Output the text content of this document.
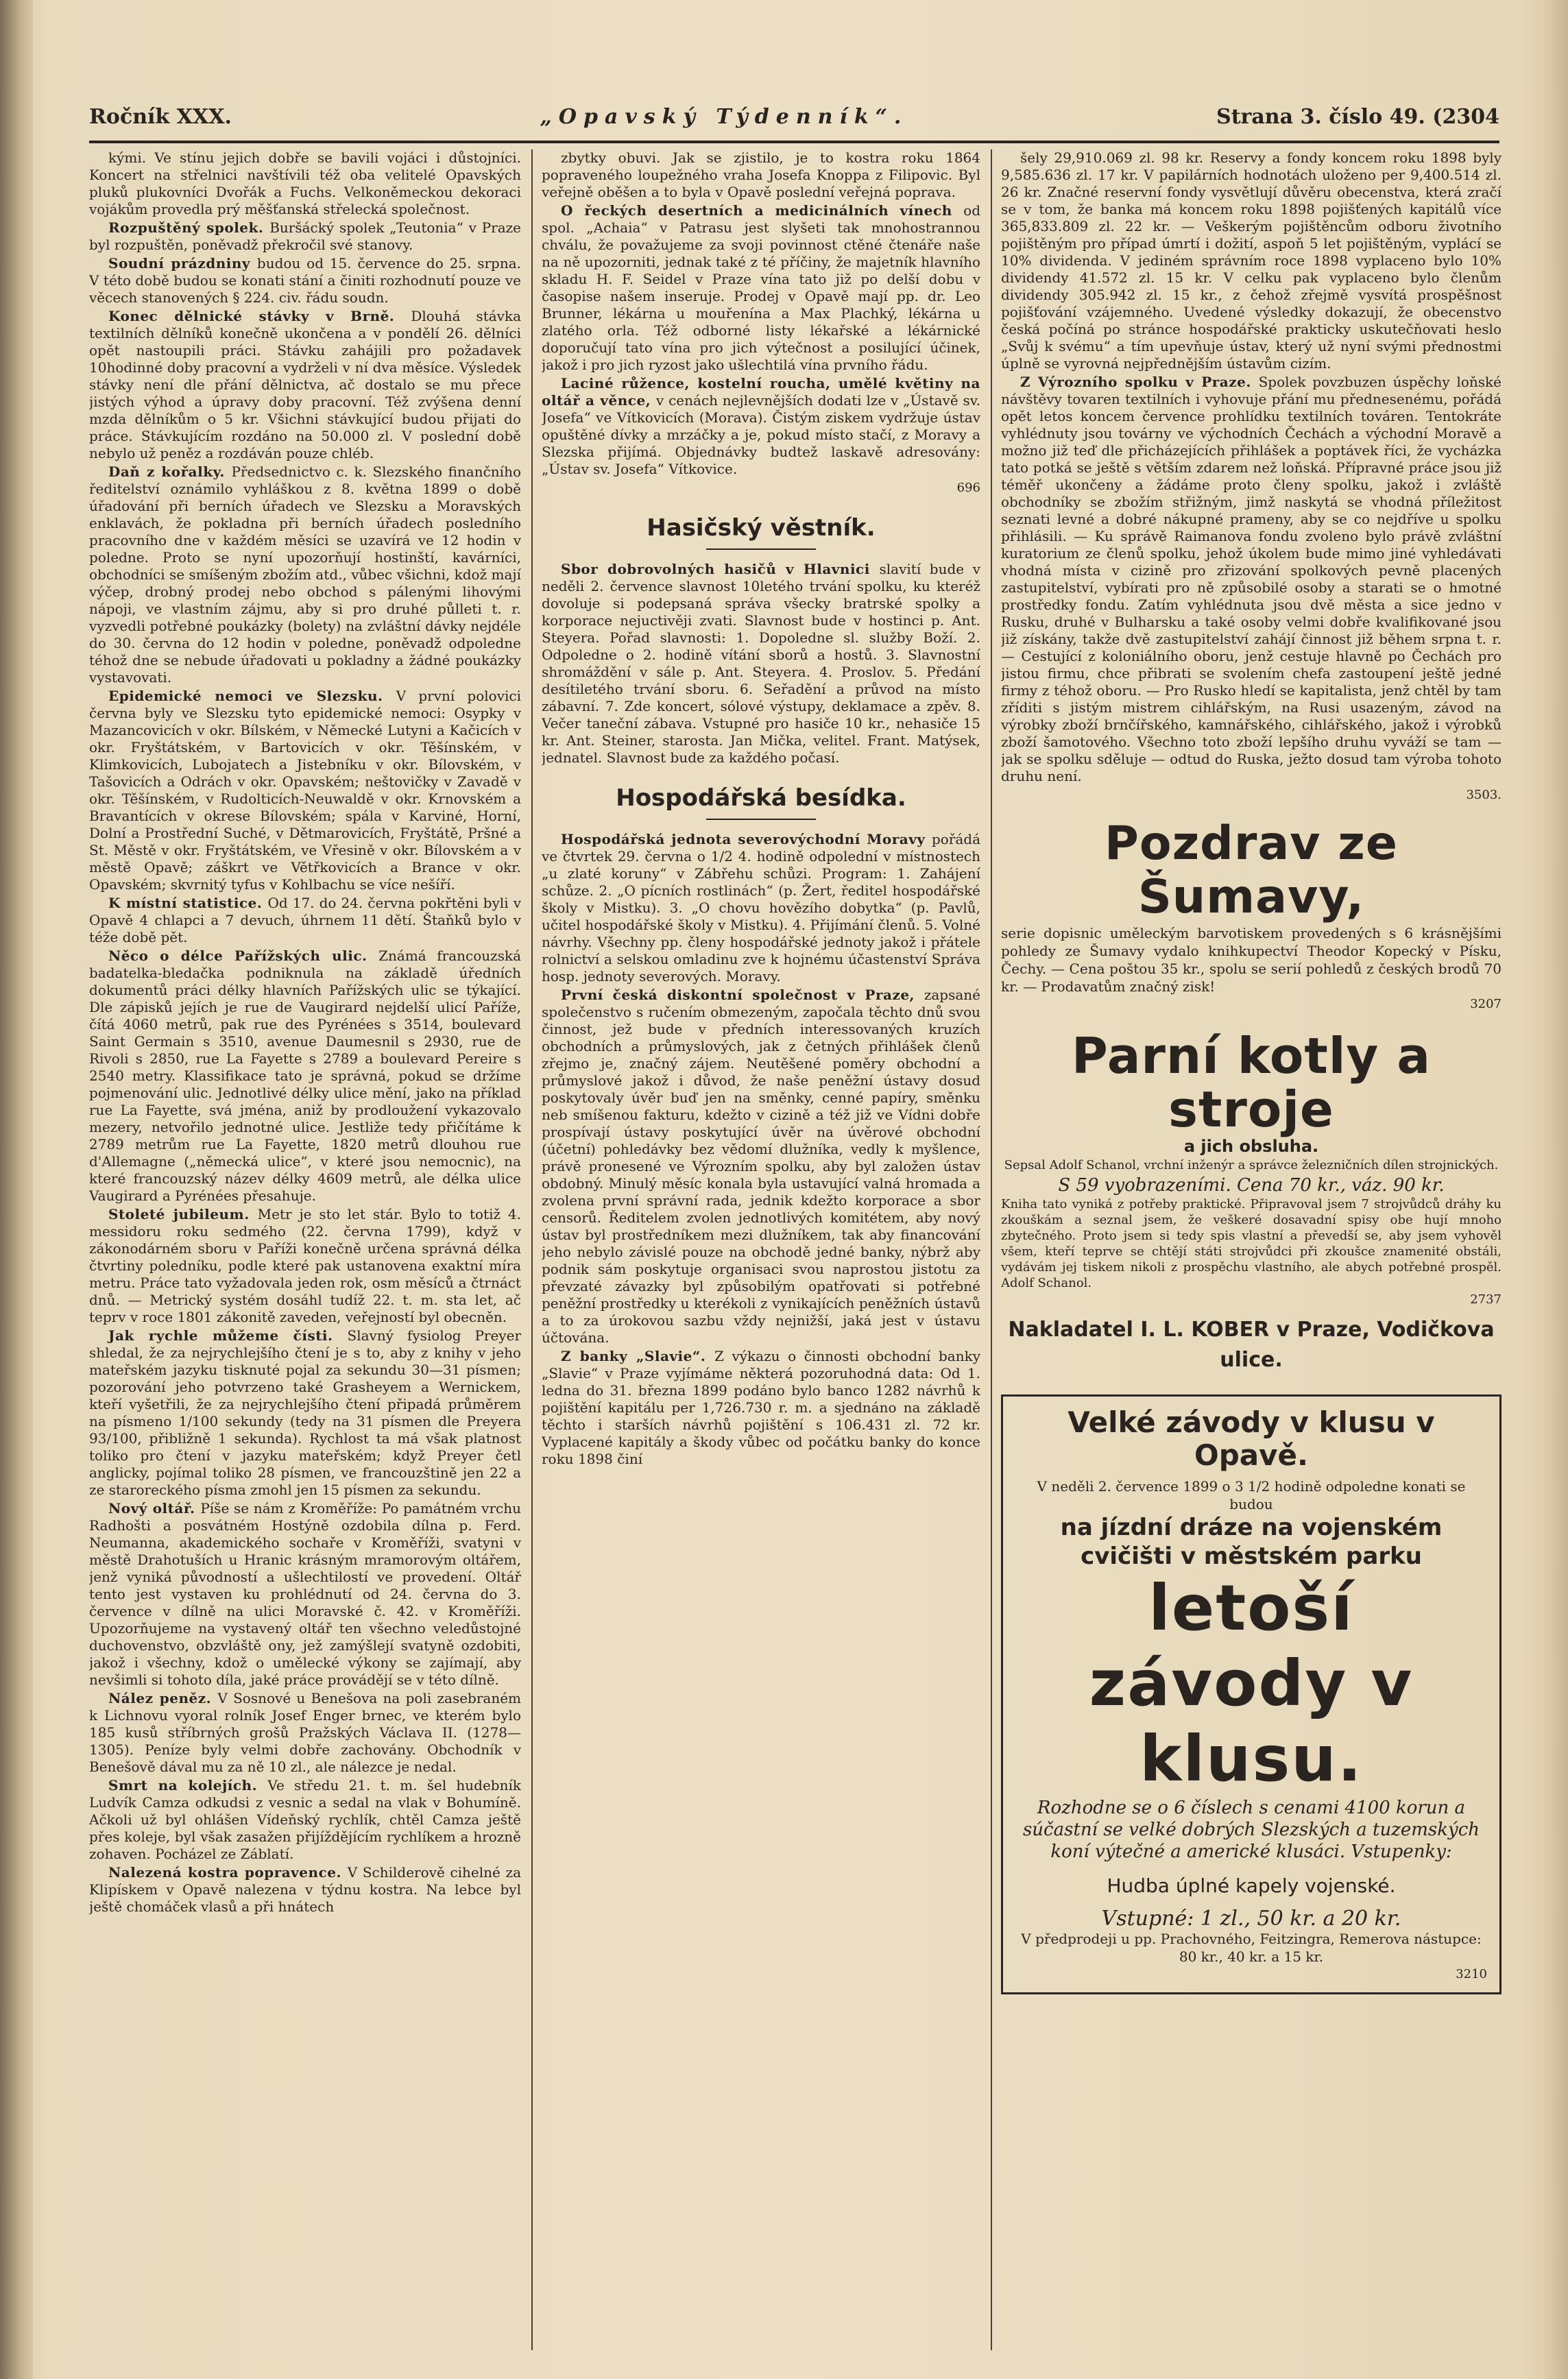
Ročník XXX.	„Opavský Týdenník“.	Strana 3. číslo 49. (2304

kými. Ve stínu jejich dobře se bavili vojáci i důstojníci. Koncert na střelnici navštívili též oba velitelé Opavských pluků plukovníci Dvořák a Fuchs. Velkoněmeckou dekoraci vojákům provedla prý měšťanská střelecká společnost.

Rozpuštěný spolek. Buršácký spolek „Teutonia“ v Praze byl rozpuštěn, poněvadž překročil své stanovy.

Soudní prázdniny budou od 15. července do 25. srpna. V této době budou se konati stání a činiti rozhodnutí pouze ve věcech stanovených § 224. civ. řádu soudn.

Konec dělnické stávky v Brně. Dlouhá stávka textilních dělníků konečně ukončena a v pondělí 26. dělníci opět nastoupili práci. Stávku zahájili pro požadavek 10hodinné doby pracovní a vydrželi v ní dva měsíce. Výsledek stávky není dle přání dělnictva, ač dostalo se mu přece jistých výhod a úpravy doby pracovní. Též zvýšena denní mzda dělníkům o 5 kr. Všichni stávkující budou přijati do práce. Stávkujícím rozdáno na 50.000 zl. V poslední době nebylo už peněz a rozdáván pouze chléb.

Daň z kořalky. Předsednictvo c. k. Slezského finančního ředitelství oznámilo vyhláškou z 8. května 1899 o době úřadování při berních úřadech ve Slezsku a Moravských enklavách, že pokladna při berních úřadech posledního pracovního dne v každém měsíci se uzavírá ve 12 hodin v poledne. Proto se nyní upozorňují hostinští, kavárníci, obchodníci se smíšeným zbožím atd., vůbec všichni, kdož mají výčep, drobný prodej nebo obchod s pálenými lihovými nápoji, ve vlastním zájmu, aby si pro druhé půlleti t. r. vyzvedli potřebné poukázky (bolety) na zvláštní dávky nejdéle do 30. června do 12 hodin v poledne, poněvadž odpoledne téhož dne se nebude úřadovati u pokladny a žádné poukázky vystavovati.

Epidemické nemoci ve Slezsku. V první polovici června byly ve Slezsku tyto epidemické nemoci: Osypky v Mazancovicích v okr. Bílském, v Německé Lutyni a Kačicích v okr. Fryštátském, v Bartovicích v okr. Těšínském, v Klimkovicích, Lubojatech a Jistebníku v okr. Bílovském, v Tašovicích a Odrách v okr. Opavském; neštovičky v Zavadě v okr. Těšínském, v Rudolticích-Neuwaldě v okr. Krnovském a Bravantících v okrese Bílovském; spála v Karviné, Horní, Dolní a Prostřední Suché, v Dětmarovicích, Fryštátě, Pršné a St. Městě v okr. Fryštátském, ve Vřesině v okr. Bílovském a v městě Opavě; záškrt ve Větřkovicích a Brance v okr. Opavském; skvrnitý tyfus v Kohlbachu se více nešíří.

K místní statistice. Od 17. do 24. června pokřtěni byli v Opavě 4 chlapci a 7 devuch, úhrnem 11 dětí. Štaňků bylo v téže době pět.

Něco o délce Pařížských ulic. Známá francouzská badatelka-bledačka podniknula na základě úředních dokumentů práci délky hlavních Pařížských ulic se týkající. Dle zápisků jejích je rue de Vaugirard nejdelší ulicí Paříže, čítá 4060 metrů, pak rue des Pyrénées s 3514, boulevard Saint Germain s 3510, avenue Daumesnil s 2930, rue de Rivoli s 2850, rue La Fayette s 2789 a boulevard Pereire s 2540 metry. Klassifikace tato je správná, pokud se držíme pojmenování ulic. Jednotlivé délky ulice mění, jako na příklad rue La Fayette, svá jména, aniž by prodloužení vykazovalo mezery, netvořilo jednotné ulice. Jestliže tedy přičítáme k 2789 metrům rue La Fayette, 1820 metrů dlouhou rue d'Allemagne („německá ulice“, v které jsou nemocnic), na které francouzský název délky 4609 metrů, ale délka ulice Vaugirard a Pyrénées přesahuje.

Stoleté jubileum. Metr je sto let stár. Bylo to totiž 4. messidoru roku sedmého (22. června 1799), když v zákonodárném sboru v Paříži konečně určena správná délka čtvrtiny poledníku, podle které pak ustanovena exaktní míra metru. Práce tato vyžadovala jeden rok, osm měsíců a čtrnáct dnů. — Metrický systém dosáhl tudíž 22. t. m. sta let, ač teprv v roce 1801 zákonitě zaveden, veřejností byl obecněn.

Jak rychle můžeme čísti. Slavný fysiolog Preyer shledal, že za nejrychlejšího čtení je s to, aby z knihy v jeho mateřském jazyku tisknuté pojal za sekundu 30—31 písmen; pozorování jeho potvrzeno také Grasheyem a Wernickem, kteří vyšetřili, že za nejrychlejšího čtení připadá průměrem na písmeno 1/100 sekundy (tedy na 31 písmen dle Preyera 93/100, přibližně 1 sekunda). Rychlost ta má však platnost toliko pro čtení v jazyku mateřském; když Preyer četl anglicky, pojímal toliko 28 písmen, ve francouzštině jen 22 a ze staroreckého písma zmohl jen 15 písmen za sekundu.

Nový oltář. Píše se nám z Kroměříže: Po památném vrchu Radhošti a posvátném Hostýně ozdobila dílna p. Ferd. Neumanna, akademického sochaře v Kroměříži, svatyni v městě Drahotuších u Hranic krásným mramorovým oltářem, jenž vyniká původností a ušlechtilostí ve provedení. Oltář tento jest vystaven ku prohlédnutí od 24. června do 3. července v dílně na ulici Moravské č. 42. v Kroměříži. Upozorňujeme na vystavený oltář ten všechno veledůstojné duchovenstvo, obzvláště ony, jež zamýšlejí svatyně ozdobiti, jakož i všechny, kdož o umělecké výkony se zajímají, aby nevšimli si tohoto díla, jaké práce provádějí se v této dílně.

Nález peněz. V Sosnové u Benešova na poli zasebraném k Lichnovu vyoral rolník Josef Enger brnec, ve kterém bylo 185 kusů stříbrných grošů Pražských Václava II. (1278—1305). Peníze byly velmi dobře zachovány. Obchodník v Benešově dával mu za ně 10 zl., ale nálezce je nedal.

Smrt na kolejích. Ve středu 21. t. m. šel hudebník Ludvík Camza odkudsi z vesnic a sedal na vlak v Bohumíně. Ačkoli už byl ohlášen Vídeňský rychlík, chtěl Camza ještě přes koleje, byl však zasažen přijíždějícím rychlíkem a hrozně zohaven. Pocházel ze Záblatí.

Nalezená kostra popravence. V Schilderově cihelné za Klipískem v Opavě nalezena v týdnu kostra. Na lebce byl ještě chomáček vlasů a při hnátech

zbytky obuvi. Jak se zjistilo, je to kostra roku 1864 popraveného loupežného vraha Josefa Knoppa z Filipovic. Byl veřejně oběšen a to byla v Opavě poslední veřejná poprava.

O řeckých desertních a medicinálních vínech od spol. „Achaia“ v Patrasu jest slyšeti tak mnohostrannou chválu, že považujeme za svoji povinnost ctěné čtenáře naše na ně upozorniti, jednak také z té příčiny, že majetník hlavního skladu H. F. Seidel v Praze vína tato již po delší dobu v časopise našem inseruje. Prodej v Opavě mají pp. dr. Leo Brunner, lékárna u mouřenína a Max Plachký, lékárna u zlatého orla. Též odborné listy lékařské a lékárnické doporučují tato vína pro jich výtečnost a posilující účinek, jakož i pro jich ryzost jako ušlechtilá vína prvního řádu.

Laciné růžence, kostelní roucha, umělé květiny na oltář a věnce, v cenách nejlevnějších dodati lze v „Ústavě sv. Josefa“ ve Vítkovicích (Morava). Čistým ziskem vydržuje ústav opuštěné dívky a mrzáčky a je, pokud místo stačí, z Moravy a Slezska přijímá. Objednávky budtež laskavě adresovány: „Ústav sv. Josefa“ Vítkovice.

696
Hasičský věstník.

Sbor dobrovolných hasičů v Hlavnici slavití bude v neděli 2. července slavnost 10letého trvání spolku, ku kteréž dovoluje si podepsaná správa všecky bratrské spolky a korporace nejuctivěji zvati. Slavnost bude v hostinci p. Ant. Steyera. Pořad slavnosti: 1. Dopoledne sl. služby Boží. 2. Odpoledne o 2. hodině vítání sborů a hostů. 3. Slavnostní shromáždění v sále p. Ant. Steyera. 4. Proslov. 5. Předání desítiletého trvání sboru. 6. Seřadění a průvod na místo zábavní. 7. Zde koncert, sólové výstupy, deklamace a zpěv. 8. Večer taneční zábava. Vstupné pro hasiče 10 kr., nehasiče 15 kr. Ant. Steiner, starosta. Jan Mička, velitel. Frant. Matýsek, jednatel. Slavnost bude za každého počasí.

Hospodářská besídka.

Hospodářská jednota severovýchodní Moravy pořádá ve čtvrtek 29. června o 1/2 4. hodině odpolední v místnostech „u zlaté koruny“ v Zábřehu schůzi. Program: 1. Zahájení schůze. 2. „O pícních rostlinách“ (p. Žert, ředitel hospodářské školy v Mistku). 3. „O chovu hovězího dobytka“ (p. Pavlů, učitel hospodářské školy v Mistku). 4. Přijímání členů. 5. Volné návrhy. Všechny pp. členy hospodářské jednoty jakož i přátele rolnictví a selskou omladinu zve k hojnému účastenství Správa hosp. jednoty severových. Moravy.

První česká diskontní společnost v Praze, zapsané společenstvo s ručením obmezeným, započala těchto dnů svou činnost, jež bude v předních interessovaných kruzích obchodních a průmyslových, jak z četných přihlášek členů zřejmo je, značný zájem. Neutěšené poměry obchodní a průmyslové jakož i důvod, že naše peněžní ústavy dosud poskytovaly úvěr buď jen na směnky, cenné papíry, směnku neb smíšenou fakturu, kdežto v cizině a též již ve Vídni dobře prospívají ústavy poskytující úvěr na úvěrové obchodní (účetní) pohledávky bez vědomí dlužníka, vedly k myšlence, právě pronesené ve Výrozním spolku, aby byl založen ústav obdobný. Minulý měsíc konala byla ustavující valná hromada a zvolena první správní rada, jednik kdežto korporace a sbor censorů. Ředitelem zvolen jednotlivých komitétem, aby nový ústav byl prostředníkem mezi dlužníkem, tak aby financování jeho nebylo závislé pouze na obchodě jedné banky, nýbrž aby podnik sám poskytuje organisaci svou naprostou jistotu za převzaté závazky byl způsobilým opatřovati si potřebné peněžní prostředky u kterékoli z vynikajících peněžních ústavů a to za úrokovou sazbu vždy nejnižší, jaká jest v ústavu účtována.

Z banky „Slavie“. Z výkazu o činnosti obchodní banky „Slavie“ v Praze vyjímáme některá pozoruhodná data: Od 1. ledna do 31. března 1899 podáno bylo banco 1282 návrhů k pojištění kapitálu per 1,726.730 r. m. a sjednáno na základě těchto i starších návrhů pojištění s 106.431 zl. 72 kr. Vyplacené kapitály a škody vůbec od počátku banky do konce roku 1898 činí

šely 29,910.069 zl. 98 kr. Reservy a fondy koncem roku 1898 byly 9,585.636 zl. 17 kr. V papilárních hodnotách uloženo per 9,400.514 zl. 26 kr. Značné reservní fondy vysvětlují důvěru obecenstva, která zračí se v tom, že banka má koncem roku 1898 pojišťených kapitálů více 365,833.809 zl. 22 kr. — Veškerým pojištěncům odboru životního pojištěným pro případ úmrtí i dožití, aspoň 5 let pojištěným, vyplácí se 10% dividenda. V jediném správním roce 1898 vyplaceno bylo 10% dividendy 41.572 zl. 15 kr. V celku pak vyplaceno bylo členům dividendy 305.942 zl. 15 kr., z čehož zřejmě vysvítá prospěšnost pojišťování vzájemného. Uvedené výsledky dokazují, že obecenstvo česká počíná po stránce hospodářské prakticky uskutečňovati heslo „Svůj k svému“ a tím upevňuje ústav, který už nyní svými přednostmi úplně se vyrovná nejpřednějším ústavům cizím.

Z Výrozního spolku v Praze. Spolek povzbuzen úspěchy loňské návštěvy tovaren textilních i vyhovuje přání mu přednesenému, pořádá opět letos koncem července prohlídku textilních továren. Tentokráte vyhlédnuty jsou továrny ve východních Čechách a východní Moravě a možno již teď dle přicházejících přihlášek a poptávek říci, že vycházka tato potká se ještě s větším zdarem než loňská. Přípravné práce jsou již téměř ukončeny a žádáme proto členy spolku, jakož i zvláště obchodníky se zbožím střižným, jimž naskytá se vhodná příležitost seznati levné a dobré nákupné prameny, aby se co nejdříve u spolku přihlásili. — Ku správě Raimanova fondu zvoleno bylo právě zvláštní kuratorium ze členů spolku, jehož úkolem bude mimo jiné vyhledávati vhodná místa v cizině pro zřizování spolkových pevně placených zastupitelství, vybírati pro ně způsobilé osoby a starati se o hmotné prostředky fondu. Zatím vyhlédnuta jsou dvě města a sice jedno v Rusku, druhé v Bulharsku a také osoby velmi dobře kvalifikované jsou již získány, takže dvě zastupitelství zahájí činnost již během srpna t. r. — Cestující z koloniálního oboru, jenž cestuje hlavně po Čechách pro jistou firmu, chce přibrati se svolením chefa zastoupení ještě jedné firmy z téhož oboru. — Pro Rusko hledí se kapitalista, jenž chtěl by tam zříditi s jistým mistrem cihlářským, na Rusi usazeným, závod na výrobky zboží brnčířského, kamnářského, cihlářského, jakož i výrobků zboží šamotového. Všechno toto zboží lepšího druhu vyváží se tam — jak se spolku sděluje — odtud do Ruska, ježto dosud tam výroba tohoto druhu není.

3503.
Pozdrav ze Šumavy,
serie dopisnic uměleckým barvotiskem provedených s 6 krásnějšími pohledy ze Šumavy vydalo knihkupectví Theodor Kopecký v Písku, Čechy. — Cena poštou 35 kr., spolu se serií pohledů z českých brodů 70 kr. — Prodavatům značný zisk!
3207
Parní kotly a stroje
a jich obsluha.
Sepsal Adolf Schanol, vrchní inženýr a správce železničních dílen strojnických.
S 59 vyobrazeními. Cena 70 kr., váz. 90 kr.
Kniha tato vyniká z potřeby praktické. Připravoval jsem 7 strojvůdců dráhy ku zkouškám a seznal jsem, že veškeré dosavadní spisy obe hují mnoho zbytečného. Proto jsem si tedy spis vlastní a převedší se, aby jsem vyhověl všem, kteří teprve se chtějí státi strojvůdci při zkoušce znamenité obstáli, vydávám jej tiskem nikoli z prospěchu vlastního, ale abych potřebné prospěl. Adolf Schanol.
2737
Nakladatel I. L. KOBER v Praze, Vodičkova ulice.
Velké závody v klusu v Opavě.
V neděli 2. července 1899 o 3 1/2 hodině odpoledne konati se budou
na jízdní dráze na vojenském cvičišti v městském parku
letoší závody v klusu.
Rozhodne se o 6 číslech s cenami 4100 korun a súčastní se velké dobrých Slezských a tuzemských koní výtečné a americké klusáci. Vstupenky:
Hudba úplné kapely vojenské.
Vstupné: 1 zl., 50 kr. a 20 kr.
V předprodeji u pp. Prachovného, Feitzingra, Remerova nástupce: 80 kr., 40 kr. a 15 kr.
3210
